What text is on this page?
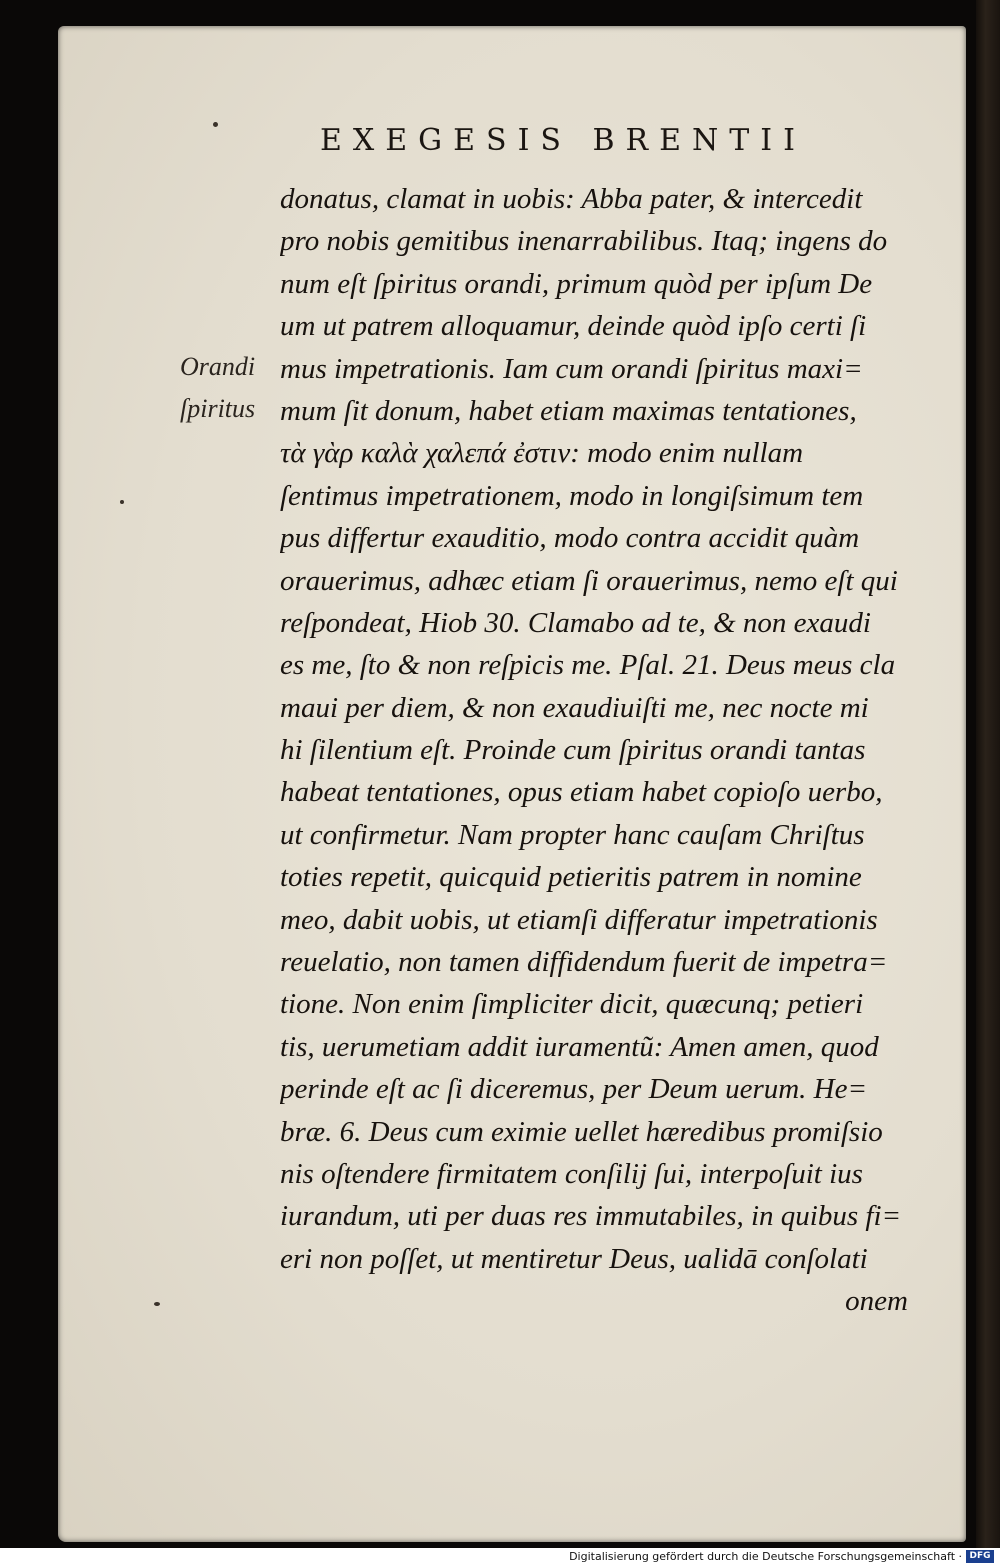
EXEGESIS BRENTII
Orandi
ſpiritus
donatus, clamat in uobis: Abba pater, & intercedit
pro nobis gemitibus inenarrabilibus. Itaq; ingens do
num eſt ſpiritus orandi, primum quòd per ipſum De
um ut patrem alloquamur, deinde quòd ipſo certi ſi
mus impetrationis. Iam cum orandi ſpiritus maxi=
mum ſit donum, habet etiam maximas tentationes,
τὰ γὰρ καλὰ χαλεπά ἐστιν: modo enim nullam
ſentimus impetrationem, modo in longiſsimum tem
pus differtur exauditio, modo contra accidit quàm
orauerimus, adhæc etiam ſi orauerimus, nemo eſt qui
reſpondeat, Hiob 30. Clamabo ad te, & non exaudi
es me, ſto & non reſpicis me. Pſal. 21. Deus meus cla
maui per diem, & non exaudiuiſti me, nec nocte mi
hi ſilentium eſt. Proinde cum ſpiritus orandi tantas
habeat tentationes, opus etiam habet copioſo uerbo,
ut confirmetur. Nam propter hanc cauſam Chriſtus
toties repetit, quicquid petieritis patrem in nomine
meo, dabit uobis, ut etiamſi differatur impetrationis
reuelatio, non tamen diffidendum fuerit de impetra=
tione. Non enim ſimpliciter dicit, quæcunq; petieri
tis, uerumetiam addit iuramentũ: Amen amen, quod
perinde eſt ac ſi diceremus, per Deum uerum. He=
bræ. 6. Deus cum eximie uellet hæredibus promiſsio
nis oſtendere firmitatem conſilij ſui, interpoſuit ius
iurandum, uti per duas res immutabiles, in quibus fi=
eri non poſſet, ut mentiretur Deus, ualidā conſolati
onem
Digitalisierung gefördert durch die Deutsche Forschungsgemeinschaft · DFG
